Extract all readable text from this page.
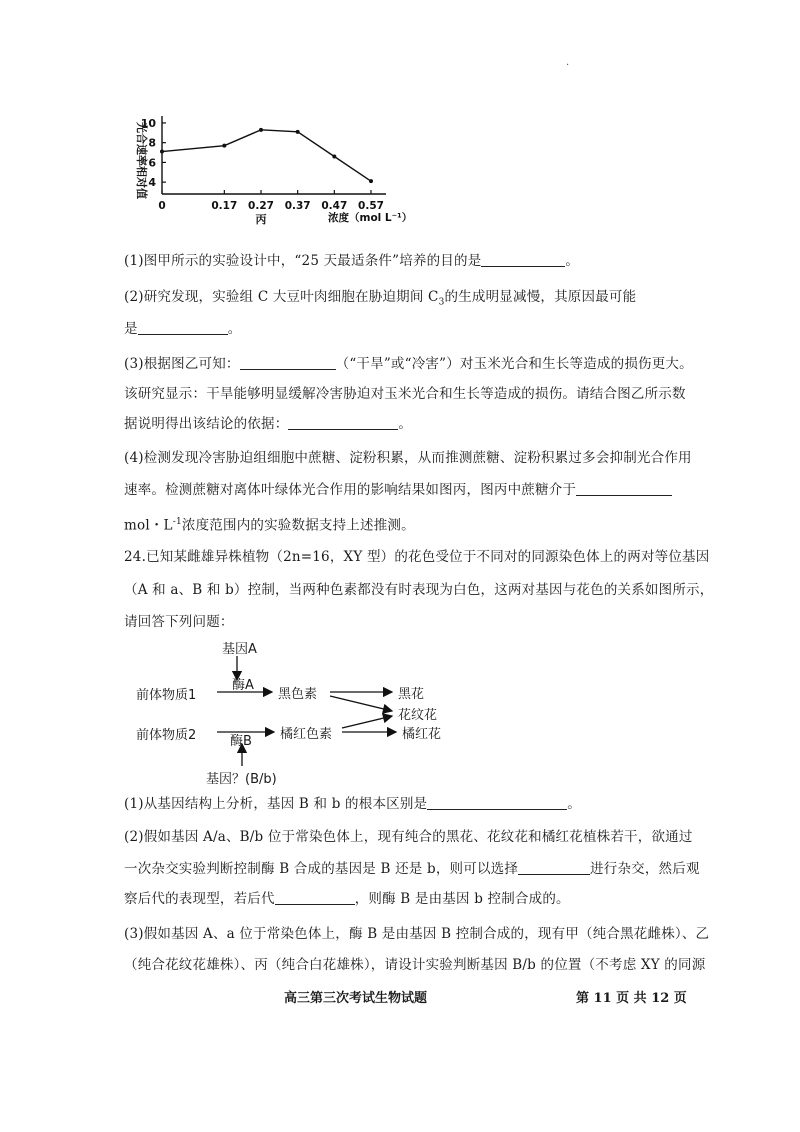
·
0	0.17 0.27 0.37 0.47 0.57
4
6
8
10
浓度（mol L⁻¹）
丙
光合速率相对值
(1)图甲所示的实验设计中，“25 天最适条件”培养的目的是	。
(2)研究发现，实验组 C 大豆叶肉细胞在胁迫期间 $C_3$的生成明显减慢，其原因最可能
是	。
(3)根据图乙可知：	（“干旱”或“冷害”）对玉米光合和生长等造成的损伤更大。
该研究显示：干旱能够明显缓解冷害胁迫对玉米光合和生长等造成的损伤。请结合图乙所示数
据说明得出该结论的依据：	。
(4)检测发现冷害胁迫组细胞中蔗糖、淀粉积累，从而推测蔗糖、淀粉积累过多会抑制光合作用
速率。检测蔗糖对离体叶绿体光合作用的影响结果如图丙，图丙中蔗糖介于
mol・$L^{-1}$浓度范围内的实验数据支持上述推测。
24.已知某雌雄异株植物（2n=16，XY 型）的花色受位于不同对的同源染色体上的两对等位基因
（A 和 a、B 和 b）控制，当两种色素都没有时表现为白色，这两对基因与花色的关系如图所示，
请回答下列问题：
基因A
酶A
前体物质1	黑色素	黑花
花纹花
前体物质2	酶B 橘红色素	橘红花
基因？(B/b)
(1)从基因结构上分析，基因 B 和 b 的根本区别是	。
(2)假如基因 A/a、B/b 位于常染色体上，现有纯合的黑花、花纹花和橘红花植株若干，欲通过
一次杂交实验判断控制酶 B 合成的基因是 B 还是 b，则可以选择	进行杂交，然后观
察后代的表现型，若后代	，则酶 B 是由基因 b 控制合成的。
(3)假如基因 A、a 位于常染色体上，酶 B 是由基因 B 控制合成的，现有甲（纯合黑花雌株）、乙
（纯合花纹花雄株）、丙（纯合白花雄株），请设计实验判断基因 B/b 的位置（不考虑 XY 的同源
高三第三次考试生物试题	第 11 页 共 12 页
